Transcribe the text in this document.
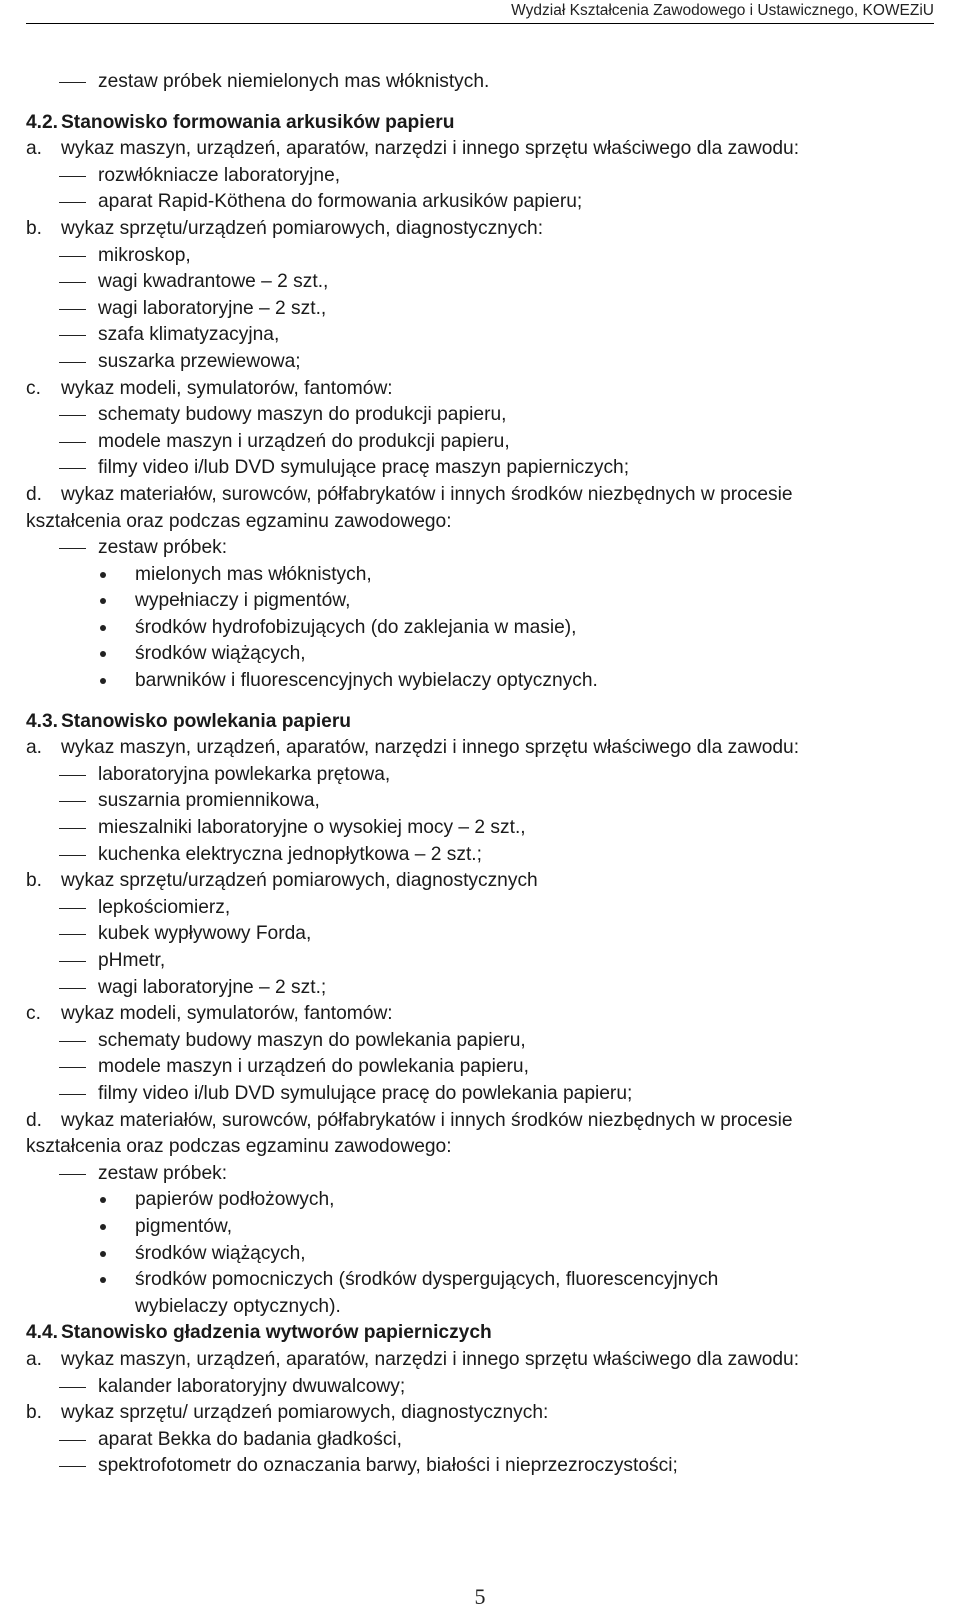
Wydział Kształcenia Zawodowego i Ustawicznego, KOWEZiU
zestaw próbek niemielonych mas włóknistych.
4.2. Stanowisko formowania arkusików papieru
a. wykaz maszyn, urządzeń, aparatów, narzędzi i innego sprzętu właściwego dla zawodu:
rozwłókniacze laboratoryjne,
aparat Rapid-Köthena do formowania arkusików papieru;
b. wykaz sprzętu/urządzeń pomiarowych, diagnostycznych:
mikroskop,
wagi kwadrantowe – 2 szt.,
wagi laboratoryjne – 2 szt.,
szafa klimatyzacyjna,
suszarka przewiewowa;
c. wykaz modeli, symulatorów, fantomów:
schematy budowy maszyn do produkcji papieru,
modele maszyn i urządzeń do produkcji papieru,
filmy video i/lub DVD symulujące pracę maszyn papierniczych;
d. wykaz materiałów, surowców, półfabrykatów i innych środków niezbędnych w procesie
kształcenia oraz podczas egzaminu zawodowego:
zestaw próbek:
mielonych mas włóknistych,
wypełniaczy i pigmentów,
środków hydrofobizujących (do zaklejania w masie),
środków wiążących,
barwników i fluorescencyjnych wybielaczy optycznych.
4.3. Stanowisko powlekania papieru
a. wykaz maszyn, urządzeń, aparatów, narzędzi i innego sprzętu właściwego dla zawodu:
laboratoryjna powlekarka prętowa,
suszarnia promiennikowa,
mieszalniki laboratoryjne o wysokiej mocy – 2 szt.,
kuchenka elektryczna jednopłytkowa – 2 szt.;
b. wykaz sprzętu/urządzeń pomiarowych, diagnostycznych
lepkościomierz,
kubek wypływowy Forda,
pHmetr,
wagi laboratoryjne – 2 szt.;
c. wykaz modeli, symulatorów, fantomów:
schematy budowy maszyn do powlekania papieru,
modele maszyn i urządzeń do powlekania papieru,
filmy video i/lub DVD symulujące pracę do powlekania papieru;
d. wykaz materiałów, surowców, półfabrykatów i innych środków niezbędnych w procesie
kształcenia oraz podczas egzaminu zawodowego:
zestaw próbek:
papierów podłożowych,
pigmentów,
środków wiążących,
środków pomocniczych (środków dyspergujących, fluorescencyjnych
wybielaczy optycznych).
4.4. Stanowisko gładzenia wytworów papierniczych
a. wykaz maszyn, urządzeń, aparatów, narzędzi i innego sprzętu właściwego dla zawodu:
kalander laboratoryjny dwuwalcowy;
b. wykaz sprzętu/ urządzeń pomiarowych, diagnostycznych:
aparat Bekka do badania gładkości,
spektrofotometr do oznaczania barwy, białości i nieprzezroczystości;
5
